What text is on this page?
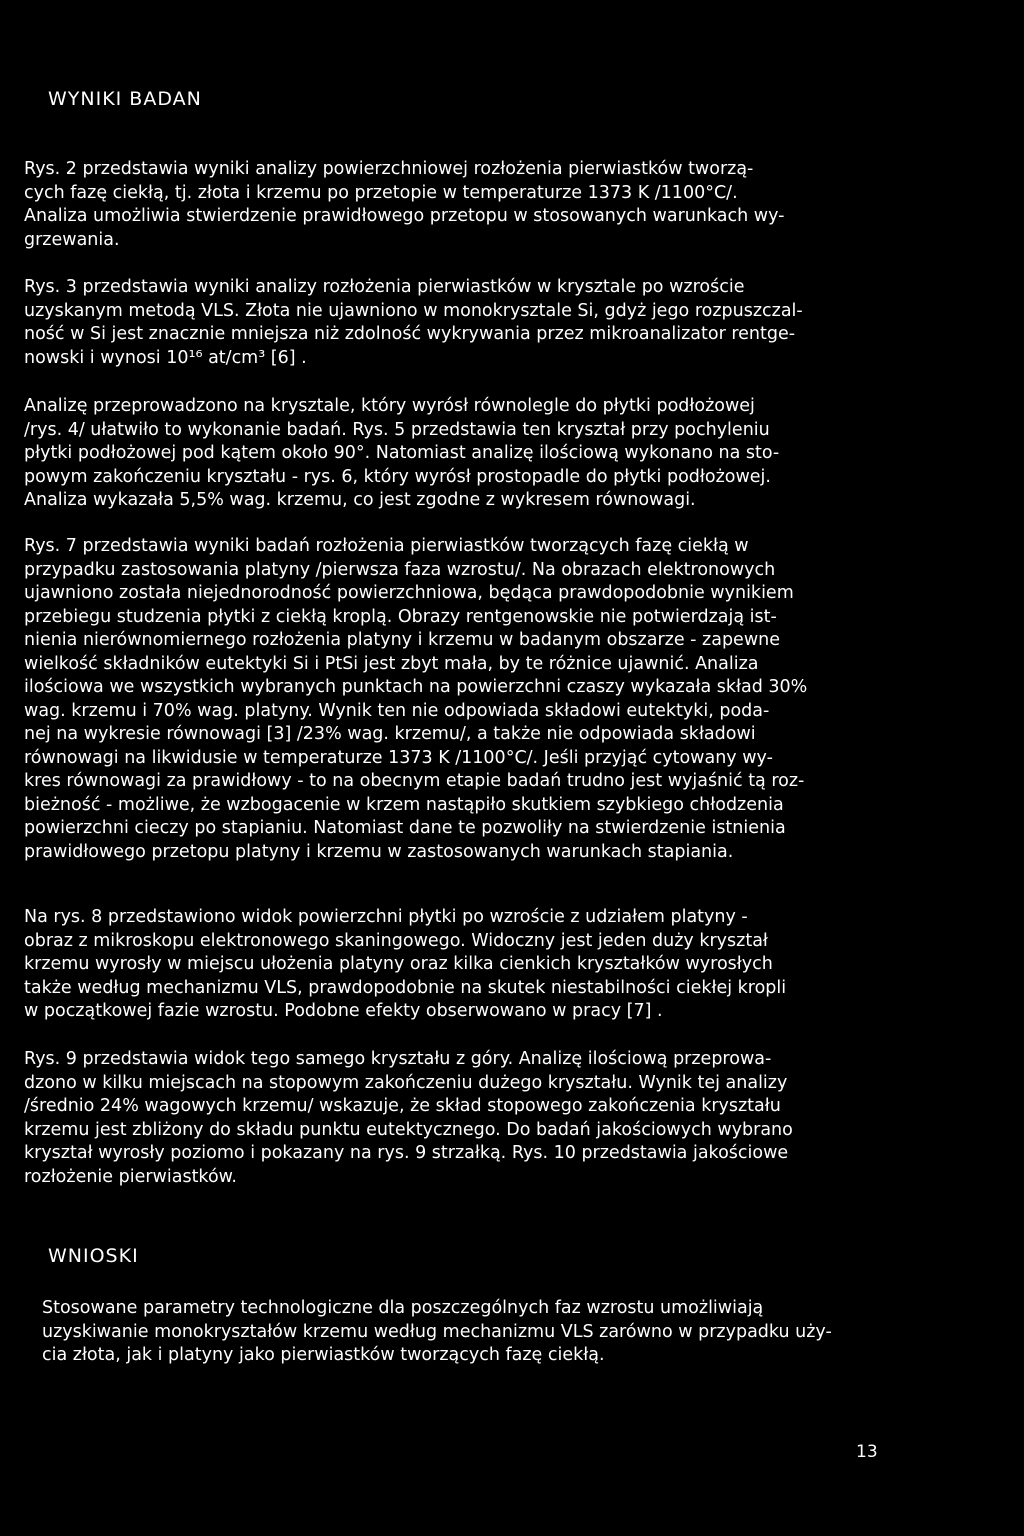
WYNIKI BADAN

Rys. 2 przedstawia wyniki analizy powierzchniowej rozłożenia pierwiastków tworzą-
cych fazę ciekłą, tj. złota i krzemu po przetopie w temperaturze 1373 K /1100°C/.
Analiza umożliwia stwierdzenie prawidłowego przetopu w stosowanych warunkach wy-
grzewania.

Rys. 3 przedstawia wyniki analizy rozłożenia pierwiastków w krysztale po wzroście
uzyskanym metodą VLS. Złota nie ujawniono w monokrysztale Si, gdyż jego rozpuszczal-
ność w Si jest znacznie mniejsza niż zdolność wykrywania przez mikroanalizator rentge-
nowski i wynosi 10¹⁶ at/cm³ [6] .

Analizę przeprowadzono na krysztale, który wyrósł równolegle do płytki podłożowej
/rys. 4/ ułatwiło to wykonanie badań. Rys. 5 przedstawia ten kryształ przy pochyleniu
płytki podłożowej pod kątem około 90°. Natomiast analizę ilościową wykonano na sto-
powym zakończeniu kryształu - rys. 6, który wyrósł prostopadle do płytki podłożowej.
Analiza wykazała 5,5% wag. krzemu, co jest zgodne z wykresem równowagi.

Rys. 7 przedstawia wyniki badań rozłożenia pierwiastków tworzących fazę ciekłą w
przypadku zastosowania platyny /pierwsza faza wzrostu/. Na obrazach elektronowych
ujawniono została niejednorodność powierzchniowa, będąca prawdopodobnie wynikiem
przebiegu studzenia płytki z ciekłą kroplą. Obrazy rentgenowskie nie potwierdzają ist-
nienia nierównomiernego rozłożenia platyny i krzemu w badanym obszarze - zapewne
wielkość składników eutektyki Si i PtSi jest zbyt mała, by te różnice ujawnić. Analiza
ilościowa we wszystkich wybranych punktach na powierzchni czaszy wykazała skład 30%
wag. krzemu i 70% wag. platyny. Wynik ten nie odpowiada składowi eutektyki, poda-
nej na wykresie równowagi [3] /23% wag. krzemu/, a także nie odpowiada składowi
równowagi na likwidusie w temperaturze 1373 K /1100°C/. Jeśli przyjąć cytowany wy-
kres równowagi za prawidłowy - to na obecnym etapie badań trudno jest wyjaśnić tą roz-
bieżność - możliwe, że wzbogacenie w krzem nastąpiło skutkiem szybkiego chłodzenia
powierzchni cieczy po stapianiu. Natomiast dane te pozwoliły na stwierdzenie istnienia
prawidłowego przetopu platyny i krzemu w zastosowanych warunkach stapiania.

Na rys. 8 przedstawiono widok powierzchni płytki po wzroście z udziałem platyny -
obraz z mikroskopu elektronowego skaningowego. Widoczny jest jeden duży kryształ
krzemu wyrosły w miejscu ułożenia platyny oraz kilka cienkich kryształków wyrosłych
także według mechanizmu VLS, prawdopodobnie na skutek niestabilności ciekłej kropli
w początkowej fazie wzrostu. Podobne efekty obserwowano w pracy [7] .

Rys. 9 przedstawia widok tego samego kryształu z góry. Analizę ilościową przeprowa-
dzono w kilku miejscach na stopowym zakończeniu dużego kryształu. Wynik tej analizy
/średnio 24% wagowych krzemu/ wskazuje, że skład stopowego zakończenia kryształu
krzemu jest zbliżony do składu punktu eutektycznego. Do badań jakościowych wybrano
kryształ wyrosły poziomo i pokazany na rys. 9 strzałką. Rys. 10 przedstawia jakościowe
rozłożenie pierwiastków.

WNIOSKI

Stosowane parametry technologiczne dla poszczególnych faz wzrostu umożliwiają
uzyskiwanie monokryształów krzemu według mechanizmu VLS zarówno w przypadku uży-
cia złota, jak i platyny jako pierwiastków tworzących fazę ciekłą.

13
